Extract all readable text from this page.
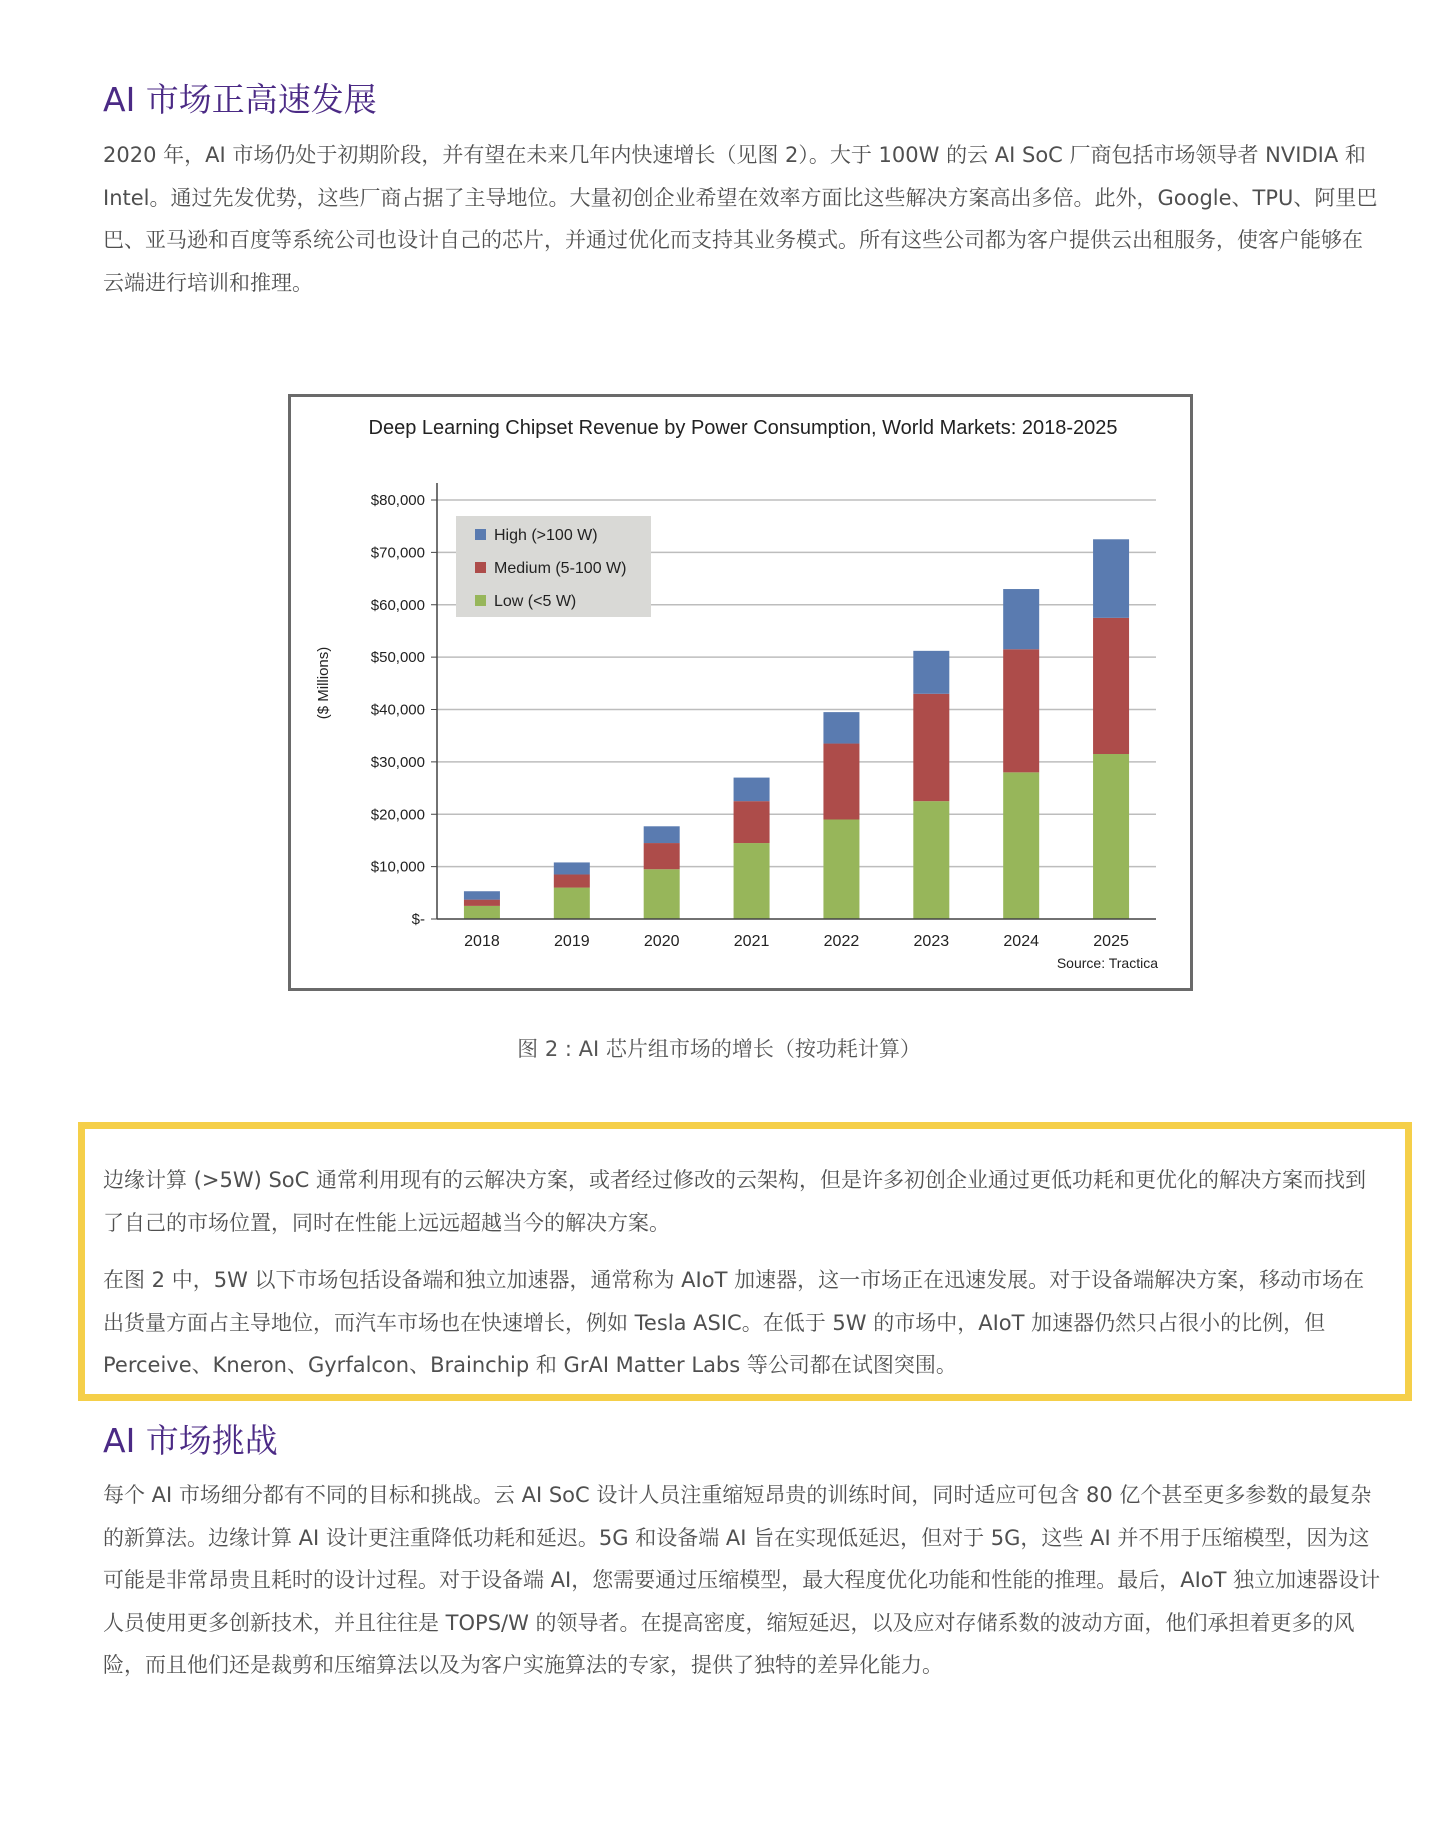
AI 市场正高速发展

2020 年，AI 市场仍处于初期阶段，并有望在未来几年内快速增长（见图 2）。大于 100W 的云 AI SoC 厂商包括市场领导者 NVIDIA 和 Intel。通过先发优势，这些厂商占据了主导地位。大量初创企业希望在效率方面比这些解决方案高出多倍。此外，Google、TPU、阿里巴巴、亚马逊和百度等系统公司也设计自己的芯片，并通过优化而支持其业务模式。所有这些公司都为客户提供云出租服务，使客户能够在云端进行培训和推理。

Deep Learning Chipset Revenue by Power Consumption, World Markets: 2018-2025
$-
$10,000
$20,000
$30,000
$40,000
$50,000
$60,000
$70,000
$80,000
2018	2019	2020	2021	2022	2023	2024	2025
($ Millions)
High (>100 W)
Medium (5-100 W)
Low (<5 W)
Source: Tractica

图 2 : AI 芯片组市场的增长（按功耗计算）

边缘计算 (>5W) SoC 通常利用现有的云解决方案，或者经过修改的云架构，但是许多初创企业通过更低功耗和更优化的解决方案而找到了自己的市场位置，同时在性能上远远超越当今的解决方案。

在图 2 中，5W 以下市场包括设备端和独立加速器，通常称为 AIoT 加速器，这一市场正在迅速发展。对于设备端解决方案，移动市场在出货量方面占主导地位，而汽车市场也在快速增长，例如 Tesla ASIC。在低于 5W 的市场中，AIoT 加速器仍然只占很小的比例，但 Perceive、Kneron、Gyrfalcon、Brainchip 和 GrAI Matter Labs 等公司都在试图突围。

AI 市场挑战

每个 AI 市场细分都有不同的目标和挑战。云 AI SoC 设计人员注重缩短昂贵的训练时间，同时适应可包含 80 亿个甚至更多参数的最复杂的新算法。边缘计算 AI 设计更注重降低功耗和延迟。5G 和设备端 AI 旨在实现低延迟，但对于 5G，这些 AI 并不用于压缩模型，因为这可能是非常昂贵且耗时的设计过程。对于设备端 AI，您需要通过压缩模型，最大程度优化功能和性能的推理。最后，AIoT 独立加速器设计人员使用更多创新技术，并且往往是 TOPS/W 的领导者。在提高密度，缩短延迟，以及应对存储系数的波动方面，他们承担着更多的风险，而且他们还是裁剪和压缩算法以及为客户实施算法的专家，提供了独特的差异化能力。
